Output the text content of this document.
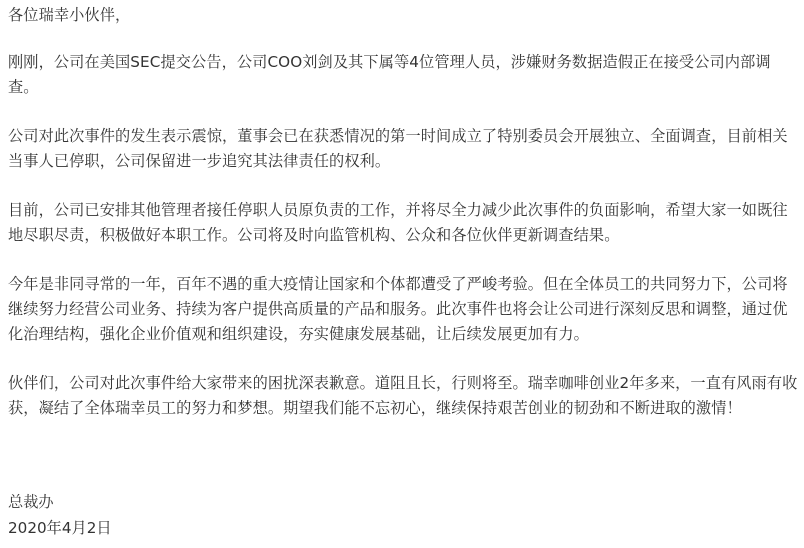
各位瑞幸小伙伴，

刚刚，公司在美国SEC提交公告，公司COO刘剑及其下属等4位管理人员，涉嫌财务数据造假正在接受公司内部调查。

公司对此次事件的发生表示震惊，董事会已在获悉情况的第一时间成立了特别委员会开展独立、全面调查，目前相关当事人已停职，公司保留进一步追究其法律责任的权利。

目前，公司已安排其他管理者接任停职人员原负责的工作，并将尽全力减少此次事件的负面影响，希望大家一如既往地尽职尽责，积极做好本职工作。公司将及时向监管机构、公众和各位伙伴更新调查结果。

今年是非同寻常的一年，百年不遇的重大疫情让国家和个体都遭受了严峻考验。但在全体员工的共同努力下，公司将继续努力经营公司业务、持续为客户提供高质量的产品和服务。此次事件也将会让公司进行深刻反思和调整，通过优化治理结构，强化企业价值观和组织建设，夯实健康发展基础，让后续发展更加有力。

伙伴们，公司对此次事件给大家带来的困扰深表歉意。道阻且长，行则将至。瑞幸咖啡创业2年多来，一直有风雨有收获，凝结了全体瑞幸员工的努力和梦想。期望我们能不忘初心，继续保持艰苦创业的韧劲和不断进取的激情！

总裁办
2020年4月2日
